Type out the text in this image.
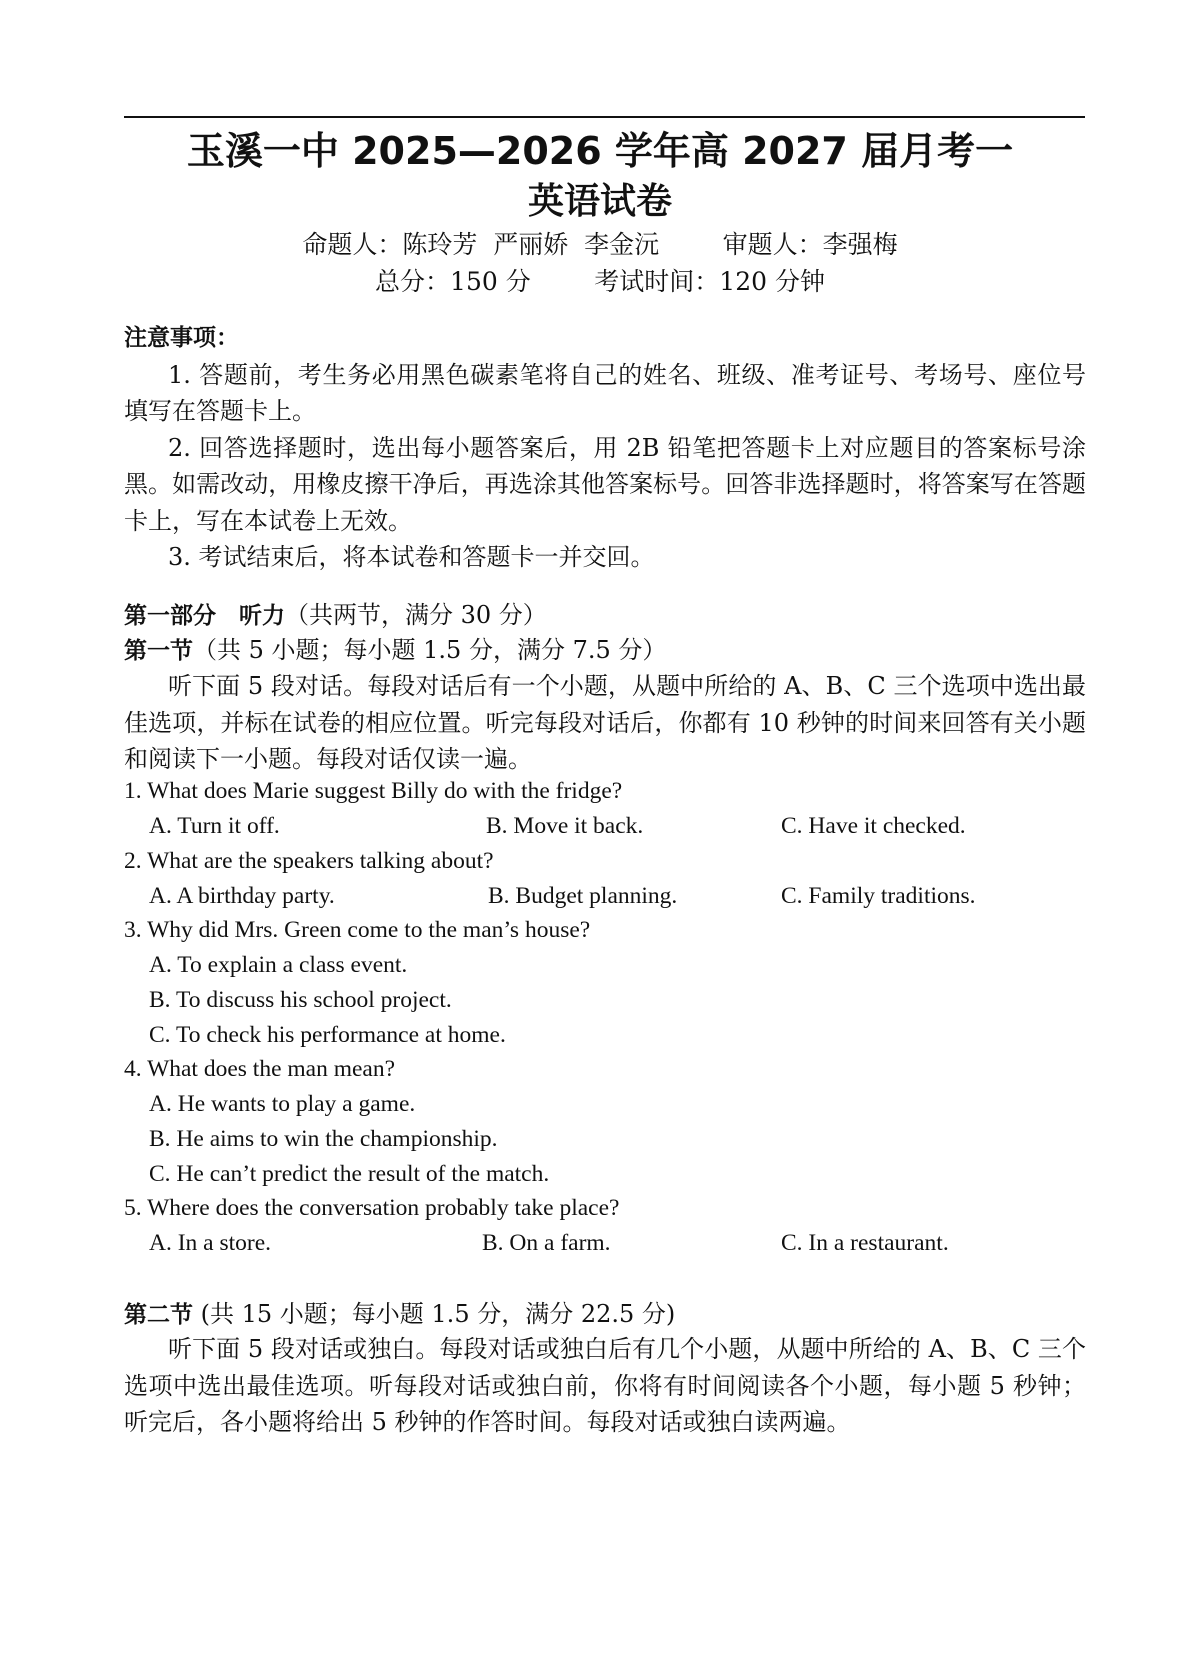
玉溪一中 2025—2026 学年高 2027 届月考一
英语试卷
命题人：陈玲芳  严丽娇  李金沅        审题人：李强梅
总分：150 分        考试时间：120 分钟

注意事项：

1. 答题前，考生务必用黑色碳素笔将自己的姓名、班级、准考证号、考场号、座位号填写在答题卡上。

2. 回答选择题时，选出每小题答案后，用 2B 铅笔把答题卡上对应题目的答案标号涂黑。如需改动，用橡皮擦干净后，再选涂其他答案标号。回答非选择题时，将答案写在答题卡上，写在本试卷上无效。

3. 考试结束后，将本试卷和答题卡一并交回。

第一部分　听力（共两节，满分 30 分）
第一节（共 5 小题；每小题 1.5 分，满分 7.5 分）
听下面 5 段对话。每段对话后有一个小题，从题中所给的 A、B、C 三个选项中选出最佳选项，并标在试卷的相应位置。听完每段对话后，你都有 10 秒钟的时间来回答有关小题和阅读下一小题。每段对话仅读一遍。
1. What does Marie suggest Billy do with the fridge?
A. Turn it off.	B. Move it back.	C. Have it checked.
2. What are the speakers talking about?
A. A birthday party.	B. Budget planning.	C. Family traditions.
3. Why did Mrs. Green come to the man’s house?
A. To explain a class event.
B. To discuss his school project.
C. To check his performance at home.
4. What does the man mean?
A. He wants to play a game.
B. He aims to win the championship.
C. He can’t predict the result of the match.
5. Where does the conversation probably take place?
A. In a store.	B. On a farm.	C. In a restaurant.
第二节 (共 15 小题；每小题 1.5 分，满分 22.5 分)
听下面 5 段对话或独白。每段对话或独白后有几个小题，从题中所给的 A、B、C 三个选项中选出最佳选项。听每段对话或独白前，你将有时间阅读各个小题，每小题 5 秒钟；听完后，各小题将给出 5 秒钟的作答时间。每段对话或独白读两遍。
